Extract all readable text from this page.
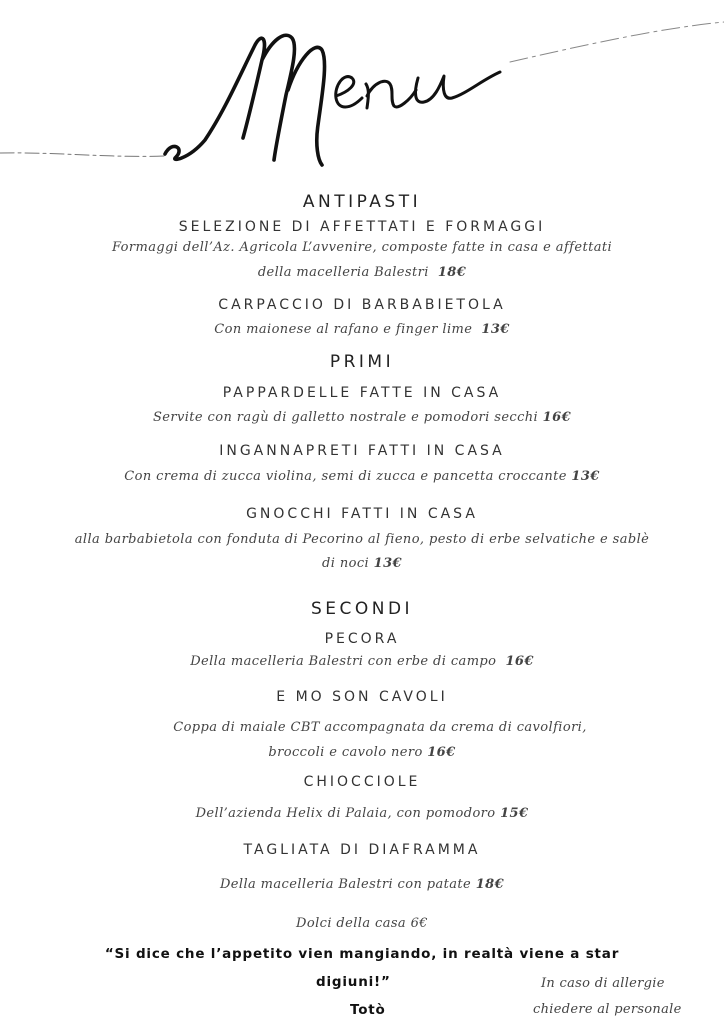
ANTIPASTI
SELEZIONE DI AFFETTATI E FORMAGGI
Formaggi dell’Az. Agricola L’avvenire, composte fatte in casa e affettati
della macelleria Balestri 18€
CARPACCIO DI BARBABIETOLA
Con maionese al rafano e finger lime 13€
PRIMI
PAPPARDELLE FATTE IN CASA
Servite con ragù di galletto nostrale e pomodori secchi 16€
INGANNAPRETI FATTI IN CASA
Con crema di zucca violina, semi di zucca e pancetta croccante 13€
GNOCCHI FATTI IN CASA
alla barbabietola con fonduta di Pecorino al fieno, pesto di erbe selvatiche e sablè
di noci 13€
SECONDI
PECORA
Della macelleria Balestri con erbe di campo 16€
E MO SON CAVOLI
Coppa di maiale CBT accompagnata da crema di cavolfiori,
broccoli e cavolo nero 16€
CHIOCCIOLE
Dell’azienda Helix di Palaia, con pomodoro 15€
TAGLIATA DI DIAFRAMMA
Della macelleria Balestri con patate 18€
Dolci della casa 6€
“Si dice che l’appetito vien mangiando, in realtà viene a star
digiuni!”
Totò
In caso di allergie
chiedere al personale
